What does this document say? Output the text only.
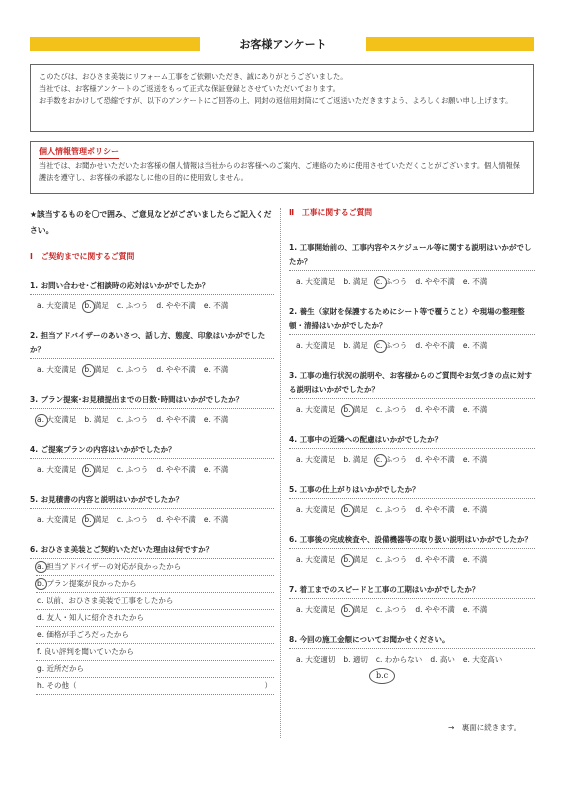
お客様アンケート

このたびは、おひさま美装にリフォーム工事をご依頼いただき、誠にありがとうございました。

当社では、お客様アンケートのご返送をもって正式な保証登録とさせていただいております。

お手数をおかけして恐縮ですが、以下のアンケートにご回答の上、同封の返信用封筒にてご返送いただきますよう、よろしくお願い申し上げます。

個人情報管理ポリシー
当社では、お聞かせいただいたお客様の個人情報は当社からのお客様へのご案内、ご連絡のために使用させていただくことがございます。個人情報保護法を遵守し、お客様の承認なしに他の目的に使用致しません。
★該当するものを〇で囲み、ご意見などがございましたらご記入ください。
Ⅰ　ご契約までに関するご質問
1. お問い合わせ･ご相談時の応対はいかがでしたか？
a. 大変満足 b. 満足 c. ふつう d. やや不満 e. 不満
2. 担当アドバイザーのあいさつ、話し方、態度、印象はいかがでしたか？
a. 大変満足 b. 満足 c. ふつう d. やや不満 e. 不満
3. プラン提案･お見積提出までの日数･時間はいかがでしたか？
a. 大変満足 b. 満足 c. ふつう d. やや不満 e. 不満
4. ご提案プランの内容はいかがでしたか？
a. 大変満足 b. 満足 c. ふつう d. やや不満 e. 不満
5. お見積書の内容と説明はいかがでしたか？
a. 大変満足 b. 満足 c. ふつう d. やや不満 e. 不満
6. おひさま美装とご契約いただいた理由は何ですか？
a. 担当アドバイザーの対応が良かったから
b. プラン提案が良かったから
c. 以前、おひさま美装で工事をしたから
d. 友人・知人に紹介されたから
e. 価格が手ごろだったから
f. 良い評判を聞いていたから
g. 近所だから
h. その他（	）
Ⅱ　工事に関するご質問
1. 工事開始前の、工事内容やスケジュール等に関する説明はいかがでしたか？
a. 大変満足 b. 満足 c. ふつう d. やや不満 e. 不満
2. 養生（家財を保護するためにシート等で覆うこと）や現場の整理整頓・清掃はいかがでしたか？
a. 大変満足 b. 満足 c. ふつう d. やや不満 e. 不満
3. 工事の進行状況の説明や、お客様からのご質問やお気づきの点に対する説明はいかがでしたか？
a. 大変満足 b. 満足 c. ふつう d. やや不満 e. 不満
4. 工事中の近隣への配慮はいかがでしたか？
a. 大変満足 b. 満足 c. ふつう d. やや不満 e. 不満
5. 工事の仕上がりはいかがでしたか？
a. 大変満足 b. 満足 c. ふつう d. やや不満 e. 不満
6. 工事後の完成検査や、設備機器等の取り扱い説明はいかがでしたか？
a. 大変満足 b. 満足 c. ふつう d. やや不満 e. 不満
7. 着工までのスピードと工事の工期はいかがでしたか？
a. 大変満足 b. 満足 c. ふつう d. やや不満 e. 不満
8. 今回の施工金額についてお聞かせください。
a. 大変適切 b. 適切 c. わからない d. 高い e. 大変高い
b.c
→　裏面に続きます。
